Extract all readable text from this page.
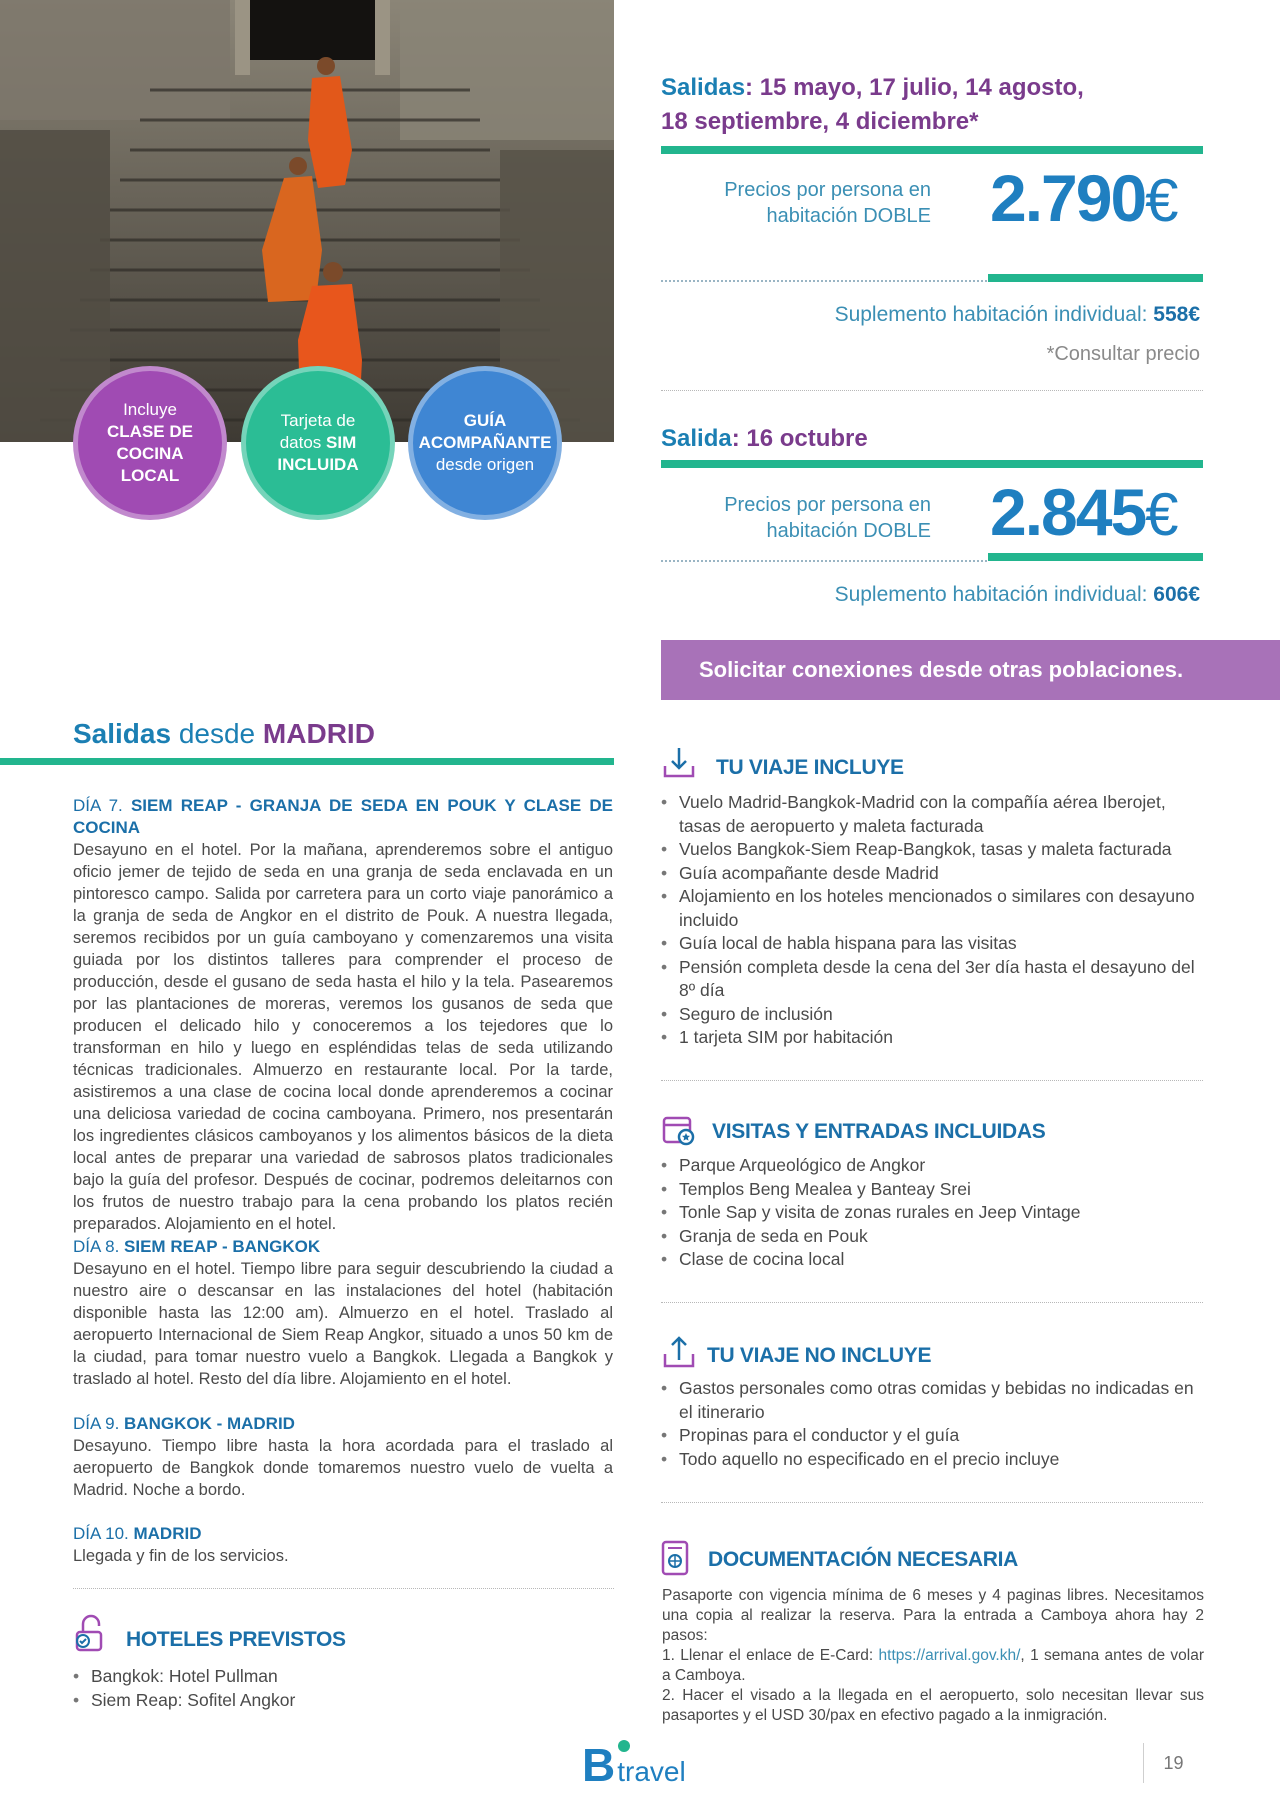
Incluye
CLASE DE
COCINA
LOCAL
Tarjeta de
datos SIM
INCLUIDA
GUÍA
ACOMPAÑANTE
desde origen
Salidas: 15 mayo, 17 julio, 14 agosto,
18 septiembre, 4 diciembre*
Precios por persona en
habitación DOBLE 2.790€
Suplemento habitación individual: 558€
*Consultar precio
Salida: 16 octubre
Precios por persona en
habitación DOBLE 2.845€
Suplemento habitación individual: 606€
Solicitar conexiones desde otras poblaciones.
Salidas desde MADRID
DÍA 7. SIEM REAP - GRANJA DE SEDA EN POUK Y CLASE DE COCINA
Desayuno en el hotel. Por la mañana, aprenderemos sobre el antiguo oficio jemer de tejido de seda en una granja de seda enclavada en un pintoresco campo. Salida por carretera para un corto viaje panorámico a la granja de seda de Angkor en el distrito de Pouk. A nuestra llegada, seremos recibidos por un guía camboyano y comenzaremos una visita guiada por los distintos talleres para comprender el proceso de producción, desde el gusano de seda hasta el hilo y la tela. Pasearemos por las plantaciones de moreras, veremos los gusanos de seda que producen el delicado hilo y conoceremos a los tejedores que lo transforman en hilo y luego en espléndidas telas de seda utilizando técnicas tradicionales. Almuerzo en restaurante local. Por la tarde, asistiremos a una clase de cocina local donde aprenderemos a cocinar una deliciosa variedad de cocina camboyana. Primero, nos presentarán los ingredientes clásicos camboyanos y los alimentos básicos de la dieta local antes de preparar una variedad de sabrosos platos tradicionales bajo la guía del profesor. Después de cocinar, podremos deleitarnos con los frutos de nuestro trabajo para la cena probando los platos recién preparados. Alojamiento en el hotel.
DÍA 8. SIEM REAP - BANGKOK
Desayuno en el hotel. Tiempo libre para seguir descubriendo la ciudad a nuestro aire o descansar en las instalaciones del hotel (habitación disponible hasta las 12:00 am). Almuerzo en el hotel. Traslado al aeropuerto Internacional de Siem Reap Angkor, situado a unos 50 km de la ciudad, para tomar nuestro vuelo a Bangkok. Llegada a Bangkok y traslado al hotel. Resto del día libre. Alojamiento en el hotel.
DÍA 9. BANGKOK - MADRID
Desayuno. Tiempo libre hasta la hora acordada para el traslado al aeropuerto de Bangkok donde tomaremos nuestro vuelo de vuelta a Madrid. Noche a bordo.
DÍA 10. MADRID
Llegada y fin de los servicios.
HOTELES PREVISTOS
• Bangkok: Hotel Pullman
• Siem Reap: Sofitel Angkor
TU VIAJE INCLUYE
• Vuelo Madrid-Bangkok-Madrid con la compañía aérea Iberojet, tasas de aeropuerto y maleta facturada
• Vuelos Bangkok-Siem Reap-Bangkok, tasas y maleta facturada
• Guía acompañante desde Madrid
• Alojamiento en los hoteles mencionados o similares con desayuno incluido
• Guía local de habla hispana para las visitas
• Pensión completa desde la cena del 3er día hasta el desayuno del 8º día
• Seguro de inclusión
• 1 tarjeta SIM por habitación
VISITAS Y ENTRADAS INCLUIDAS
• Parque Arqueológico de Angkor
• Templos Beng Mealea y Banteay Srei
• Tonle Sap y visita de zonas rurales en Jeep Vintage
• Granja de seda en Pouk
• Clase de cocina local
TU VIAJE NO INCLUYE
• Gastos personales como otras comidas y bebidas no indicadas en el itinerario
• Propinas para el conductor y el guía
• Todo aquello no especificado en el precio incluye
DOCUMENTACIÓN NECESARIA
Pasaporte con vigencia mínima de 6 meses y 4 paginas libres. Necesitamos una copia al realizar la reserva. Para la entrada a Camboya ahora hay 2 pasos:
1. Llenar el enlace de E-Card: https://arrival.gov.kh/, 1 semana antes de volar a Camboya.
2. Hacer el visado a la llegada en el aeropuerto, solo necesitan llevar sus pasaportes y el USD 30/pax en efectivo pagado a la inmigración.
Btravel	19
